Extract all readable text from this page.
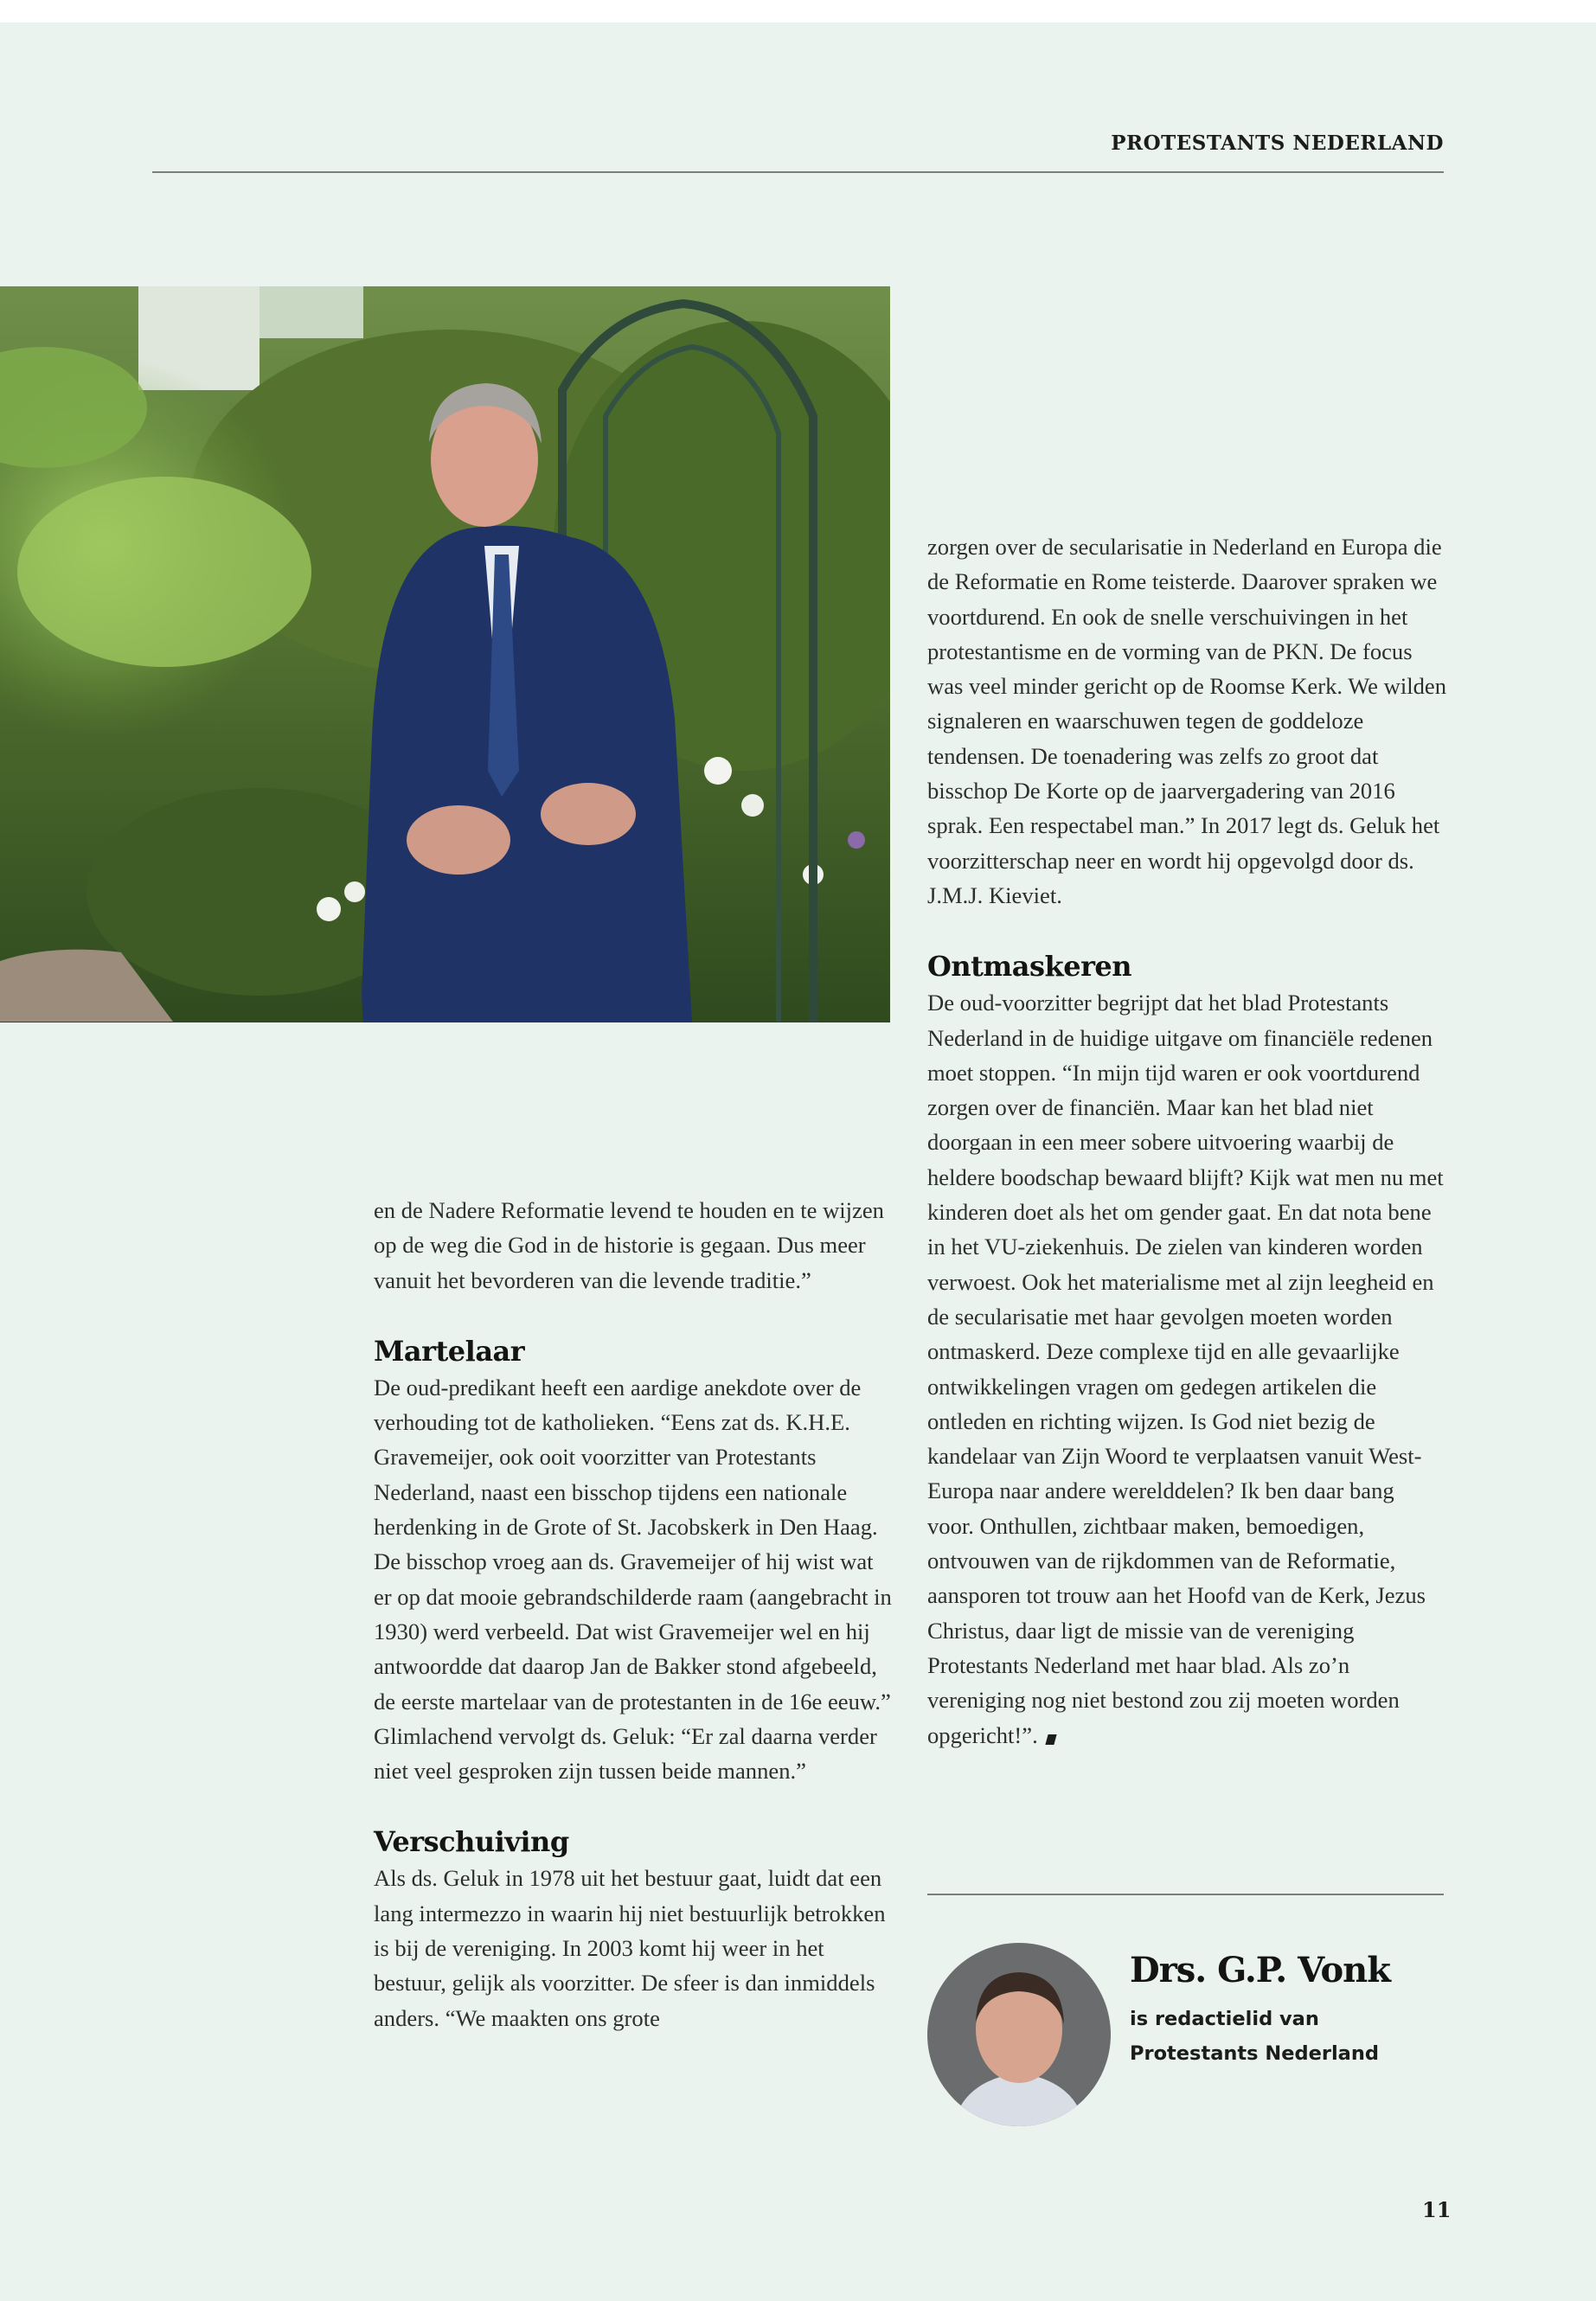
PROTESTANTS NEDERLAND

en de Nadere Reformatie levend te houden en te wijzen op de weg die God in de historie is gegaan. Dus meer vanuit het bevorderen van die levende traditie.”

Martelaar

De oud-predikant heeft een aardige anekdote over de verhouding tot de katholieken. “Eens zat ds. K.H.E. Gravemeijer, ook ooit voorzitter van Protestants Nederland, naast een bisschop tijdens een nationale herdenking in de Grote of St. Jacobskerk in Den Haag. De bisschop vroeg aan ds. Gravemeijer of hij wist wat er op dat mooie gebrandschilderde raam (aangebracht in 1930) werd verbeeld. Dat wist Gravemeijer wel en hij antwoordde dat daarop Jan de Bakker stond afgebeeld, de eerste martelaar van de protestanten in de 16e eeuw.” Glimlachend vervolgt ds. Geluk: “Er zal daarna verder niet veel gesproken zijn tussen beide mannen.”

Verschuiving

Als ds. Geluk in 1978 uit het bestuur gaat, luidt dat een lang intermezzo in waarin hij niet bestuurlijk betrokken is bij de vereniging. In 2003 komt hij weer in het bestuur, gelijk als voorzitter. De sfeer is dan inmiddels anders. “We maakten ons grote

zorgen over de secularisatie in Nederland en Europa die de Reformatie en Rome teisterde. Daarover spraken we voortdurend. En ook de snelle verschuivingen in het protestantisme en de vorming van de PKN. De focus was veel minder gericht op de Roomse Kerk. We wilden signaleren en waarschuwen tegen de goddeloze tendensen. De toenadering was zelfs zo groot dat bisschop De Korte op de jaarvergadering van 2016 sprak. Een respectabel man.” In 2017 legt ds. Geluk het voorzitterschap neer en wordt hij opgevolgd door ds. J.M.J. Kieviet.

Ontmaskeren

De oud-voorzitter begrijpt dat het blad Protestants Nederland in de huidige uitgave om financiële redenen moet stoppen. “In mijn tijd waren er ook voortdurend zorgen over de financiën. Maar kan het blad niet doorgaan in een meer sobere uitvoering waarbij de heldere boodschap bewaard blijft? Kijk wat men nu met kinderen doet als het om gender gaat. En dat nota bene in het VU-ziekenhuis. De zielen van kinderen worden verwoest. Ook het materialisme met al zijn leegheid en de secularisatie met haar gevolgen moeten worden ontmaskerd. Deze complexe tijd en alle gevaarlijke ontwikkelingen vragen om gedegen artikelen die ontleden en richting wijzen. Is God niet bezig de kandelaar van Zijn Woord te verplaatsen vanuit West-Europa naar andere werelddelen? Ik ben daar bang voor. Onthullen, zichtbaar maken, bemoedigen, ontvouwen van de rijkdommen van de Reformatie, aansporen tot trouw aan het Hoofd van de Kerk, Jezus Christus, daar ligt de missie van de vereniging Protestants Nederland met haar blad. Als zo’n vereniging nog niet bestond zou zij moeten worden opgericht!”.

Drs. G.P. Vonk
is redactielid van
Protestants Nederland
11
